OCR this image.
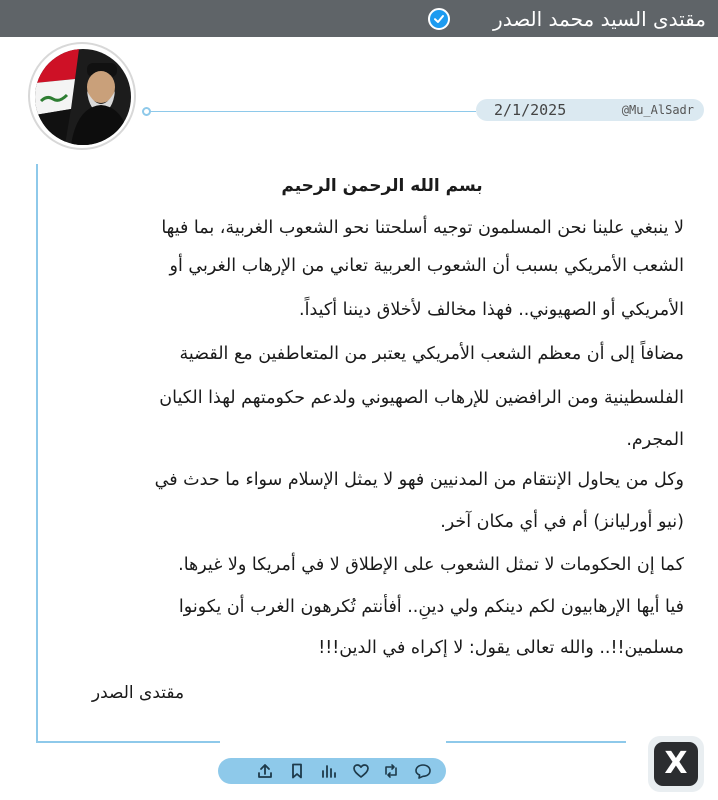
مقتدى السيد محمد الصدر
2/1/2025	@Mu_AlSadr
بسم الله الرحمن الرحيم
لا ينبغي علينا نحن المسلمون توجيه أسلحتنا نحو الشعوب الغربية، بما فيها
الشعب الأمريكي بسبب أن الشعوب العربية تعاني من الإرهاب الغربي أو
الأمريكي أو الصهيوني.. فهذا مخالف لأخلاق ديننا أكيداً.
مضافاً إلى أن معظم الشعب الأمريكي يعتبر من المتعاطفين مع القضية
الفلسطينية ومن الرافضين للإرهاب الصهيوني ولدعم حكومتهم لهذا الكيان
المجرم.
وكل من يحاول الإنتقام من المدنيين فهو لا يمثل الإسلام سواء ما حدث في
(نيو أورليانز) أم في أي مكان آخر.
كما إن الحكومات لا تمثل الشعوب على الإطلاق لا في أمريكا ولا غيرها.
فيا أيها الإرهابيون لكم دينكم ولي دينِ.. أفأنتم تُكرهون الغرب أن يكونوا
مسلمين!!.. والله تعالى يقول: لا إكراه في الدين!!!
مقتدى الصدر
X
